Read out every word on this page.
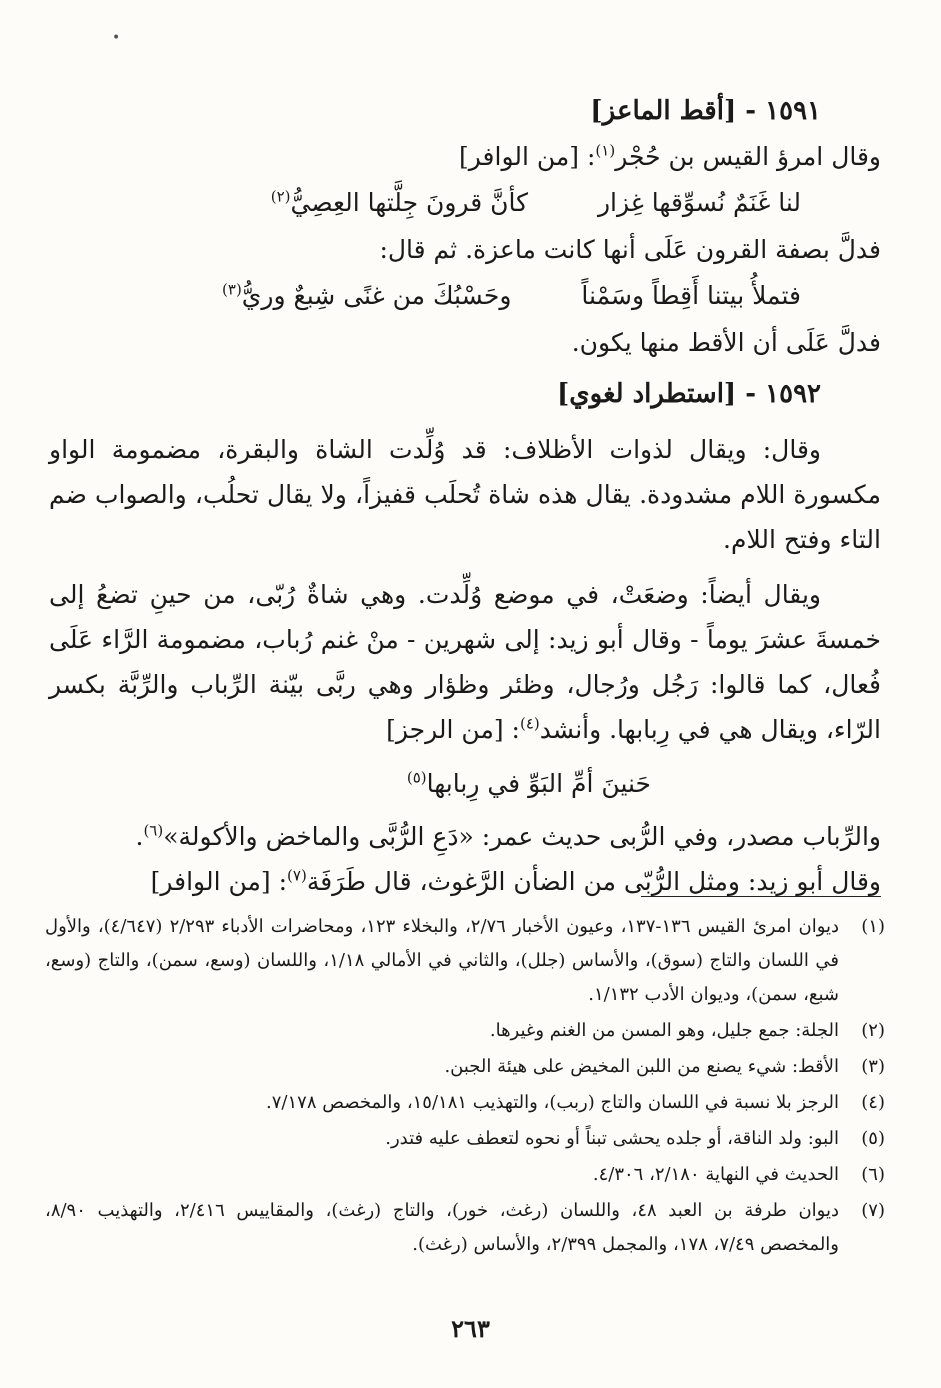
•
١٥٩١ - [أقط الماعز]
وقال امرؤ القيس بن حُجْر$^{(١)}$: [من الوافر]
لنا غَنَمٌ نُسوِّقها غِزار
كأنَّ قرونَ جِلَّتها العِصِيُّ$^{(٢)}$
فدلَّ بصفة القرون عَلَى أنها كانت ماعزة. ثم قال:
فتملأُ بيتنا أَقِطاً وسَمْناً
وحَسْبُكَ من غنًى شِبعٌ وريُّ$^{(٣)}$
فدلَّ عَلَى أن الأقط منها يكون.
١٥٩٢ - [استطراد لغوي]
وقال: ويقال لذوات الأظلاف: قد وُلِّدت الشاة والبقرة، مضمومة الواو مكسورة اللام مشدودة. يقال هذه شاة تُحلَب قفيزاً، ولا يقال تحلُب، والصواب ضم التاء وفتح اللام.
ويقال أيضاً: وضعَتْ، في موضع وُلِّدت. وهي شاةٌ رُبّى، من حينِ تضعُ إلى خمسةَ عشرَ يوماً - وقال أبو زيد: إلى شهرين - منْ غنم رُباب، مضمومة الرَّاء عَلَى فُعال، كما قالوا: رَجُل ورُجال، وظئر وظؤار وهي ربَّى بيّنة الرِّباب والرِّبَّة بكسر الرّاء، ويقال هي في رِبابها. وأنشد$^{(٤)}$: [من الرجز]
حَنينَ أمِّ البَوِّ في رِبابها$^{(٥)}$
والرِّباب مصدر، وفي الرُّبى حديث عمر: «دَعِ الرُّبَّى والماخض والأكولة»$^{(٦)}$.
وقال أبو زيد: ومثل الرُّبّى من الضأن الرَّغوث، قال طَرَفَة$^{(٧)}$: [من الوافر]
(١)
ديوان امرئ القيس ١٣٦-١٣٧، وعيون الأخبار ٢/٧٦، والبخلاء ١٢٣، ومحاضرات الأدباء ٢/٢٩٣ (٤/٦٤٧)، والأول في اللسان والتاج (سوق)، والأساس (جلل)، والثاني في الأمالي ١/١٨، واللسان (وسع، سمن)، والتاج (وسع، شبع، سمن)، وديوان الأدب ١/١٣٢.
(٢)
الجلة: جمع جليل، وهو المسن من الغنم وغيرها.
(٣)
الأقط: شيء يصنع من اللبن المخيض على هيئة الجبن.
(٤)
الرجز بلا نسبة في اللسان والتاج (ربب)، والتهذيب ١٥/١٨١، والمخصص ٧/١٧٨.
(٥)
البو: ولد الناقة، أو جلده يحشى تبناً أو نحوه لتعطف عليه فتدر.
(٦)
الحديث في النهاية ٢/١٨٠، ٤/٣٠٦.
(٧)
ديوان طرفة بن العبد ٤٨، واللسان (رغث، خور)، والتاج (رغث)، والمقاييس ٢/٤١٦، والتهذيب ٨/٩٠، والمخصص ٧/٤٩، ١٧٨، والمجمل ٢/٣٩٩، والأساس (رغث).
٢٦٣
